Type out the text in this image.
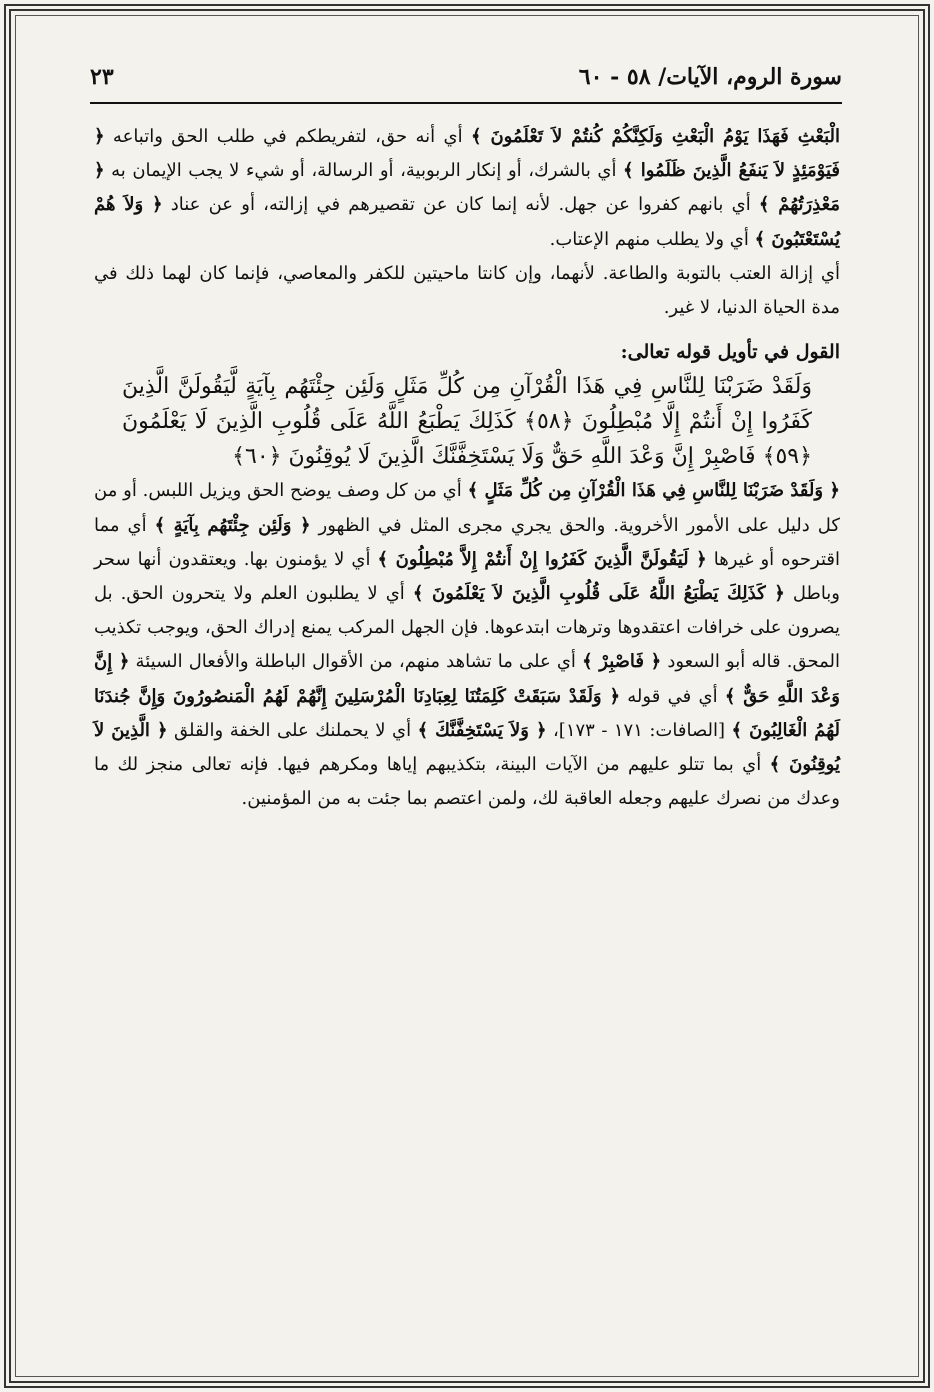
سورة الروم، الآيات/ ٥٨ - ٦٠
٢٣

الْبَعْثِ فَهَذَا يَوْمُ الْبَعْثِ وَلَكِنَّكُمْ كُنتُمْ لاَ تَعْلَمُونَ ﴾ أي أنه حق، لتفريطكم في طلب الحق واتباعه ﴿ فَيَوْمَئِذٍ لاَ يَنفَعُ الَّذِينَ ظَلَمُوا ﴾ أي بالشرك، أو إنكار الربوبية، أو الرسالة، أو شيء لا يجب الإيمان به ﴿ مَعْذِرَتُهُمْ ﴾ أي بانهم كفروا عن جهل. لأنه إنما كان عن تقصيرهم في إزالته، أو عن عناد ﴿ وَلاَ هُمْ يُسْتَعْتَبُونَ ﴾ أي ولا يطلب منهم الإعتاب.

أي إزالة العتب بالتوبة والطاعة. لأنهما، وإن كانتا ماحيتين للكفر والمعاصي، فإنما كان لهما ذلك في مدة الحياة الدنيا، لا غير.

القول في تأويل قوله تعالى:

وَلَقَدْ ضَرَبْنَا لِلنَّاسِ فِي هَذَا الْقُرْآنِ مِن كُلِّ مَثَلٍ وَلَئِن جِئْتَهُم بِآيَةٍ لَّيَقُولَنَّ الَّذِينَ كَفَرُوا إِنْ أَنتُمْ إِلَّا مُبْطِلُونَ ﴿٥٨﴾ كَذَلِكَ يَطْبَعُ اللَّهُ عَلَى قُلُوبِ الَّذِينَ لَا يَعْلَمُونَ ﴿٥٩﴾ فَاصْبِرْ إِنَّ وَعْدَ اللَّهِ حَقٌّ وَلَا يَسْتَخِفَّنَّكَ الَّذِينَ لَا يُوقِنُونَ ﴿٦٠﴾

﴿ وَلَقَدْ ضَرَبْنَا لِلنَّاسِ فِي هَذَا الْقُرْآنِ مِن كُلِّ مَثَلٍ ﴾ أي من كل وصف يوضح الحق ويزيل اللبس. أو من كل دليل على الأمور الأخروية. والحق يجري مجرى المثل في الظهور ﴿ وَلَئِن جِئْتَهُم بِآيَةٍ ﴾ أي مما اقترحوه أو غيرها ﴿ لَيَقُولَنَّ الَّذِينَ كَفَرُوا إِنْ أَنتُمْ إِلاَّ مُبْطِلُونَ ﴾ أي لا يؤمنون بها. ويعتقدون أنها سحر وباطل ﴿ كَذَلِكَ يَطْبَعُ اللَّهُ عَلَى قُلُوبِ الَّذِينَ لاَ يَعْلَمُونَ ﴾ أي لا يطلبون العلم ولا يتحرون الحق. بل يصرون على خرافات اعتقدوها وترهات ابتدعوها. فإن الجهل المركب يمنع إدراك الحق، ويوجب تكذيب المحق. قاله أبو السعود ﴿ فَاصْبِرْ ﴾ أي على ما تشاهد منهم، من الأقوال الباطلة والأفعال السيئة ﴿ إِنَّ وَعْدَ اللَّهِ حَقٌّ ﴾ أي في قوله ﴿ وَلَقَدْ سَبَقَتْ كَلِمَتُنَا لِعِبَادِنَا الْمُرْسَلِينَ إِنَّهُمْ لَهُمُ الْمَنصُورُونَ وَإِنَّ جُندَنَا لَهُمُ الْغَالِبُونَ ﴾ [الصافات: ١٧١ - ١٧٣]، ﴿ وَلاَ يَسْتَخِفَّنَّكَ ﴾ أي لا يحملنك على الخفة والقلق ﴿ الَّذِينَ لاَ يُوقِنُونَ ﴾ أي بما تتلو عليهم من الآيات البينة، بتكذيبهم إياها ومكرهم فيها. فإنه تعالى منجز لك ما وعدك من نصرك عليهم وجعله العاقبة لك، ولمن اعتصم بما جئت به من المؤمنين.
